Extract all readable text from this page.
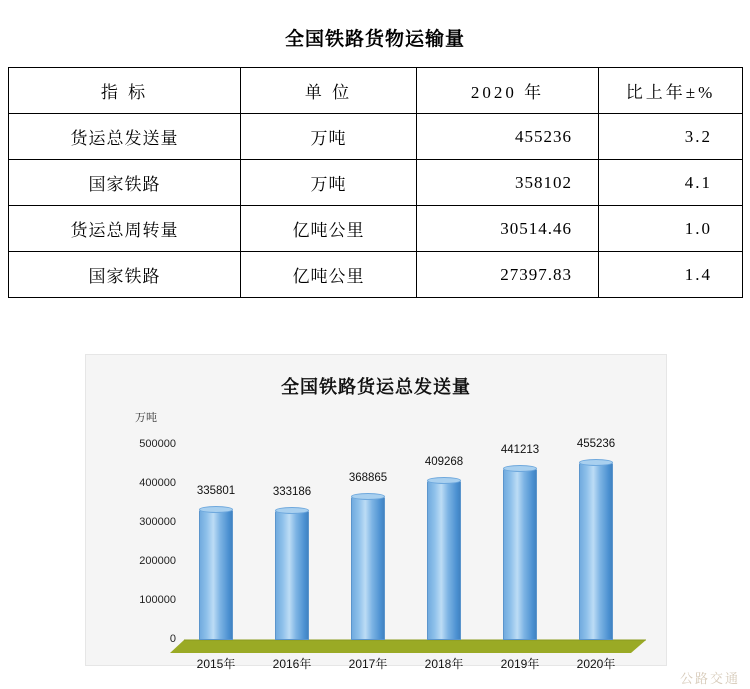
全国铁路货物运输量
指 标	单 位	2020 年	比上年±%
货运总发送量	万吨	455236	3.2
国家铁路	万吨	358102	4.1
货运总周转量	亿吨公里	30514.46	1.0
国家铁路	亿吨公里	27397.83	1.4
全国铁路货运总发送量
万吨
0
100000
200000
300000
400000
500000
335801
2015年
333186
2016年
368865
2017年
409268
2018年
441213
2019年
455236
2020年
公路交通
